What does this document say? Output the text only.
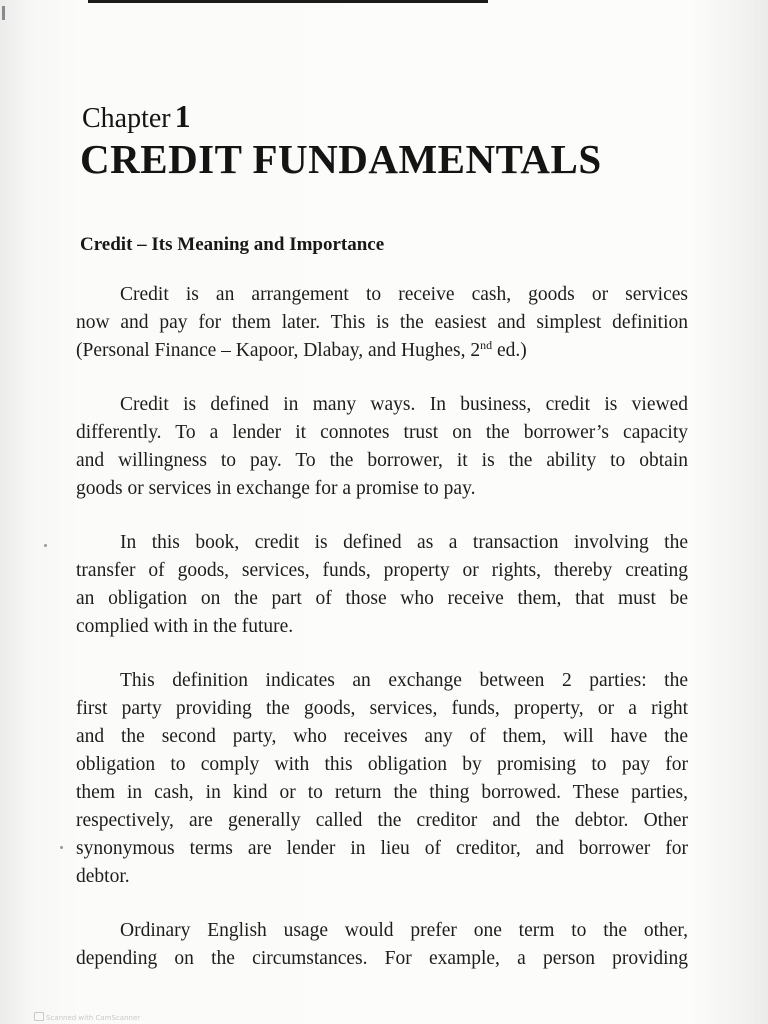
Chapter 1
CREDIT FUNDAMENTALS
Credit – Its Meaning and Importance
Credit is an arrangement to receive cash, goods or services
now and pay for them later. This is the easiest and simplest definition
(Personal Finance – Kapoor, Dlabay, and Hughes, 2nd ed.)
Credit is defined in many ways. In business, credit is viewed
differently. To a lender it connotes trust on the borrower’s capacity
and willingness to pay. To the borrower, it is the ability to obtain
goods or services in exchange for a promise to pay.
In this book, credit is defined as a transaction involving the
transfer of goods, services, funds, property or rights, thereby creating
an obligation on the part of those who receive them, that must be
complied with in the future.
This definition indicates an exchange between 2 parties: the
first party providing the goods, services, funds, property, or a right
and the second party, who receives any of them, will have the
obligation to comply with this obligation by promising to pay for
them in cash, in kind or to return the thing borrowed. These parties,
respectively, are generally called the creditor and the debtor. Other
synonymous terms are lender in lieu of creditor, and borrower for
debtor.
Ordinary English usage would prefer one term to the other,
depending on the circumstances. For example, a person providing
Scanned with CamScanner
